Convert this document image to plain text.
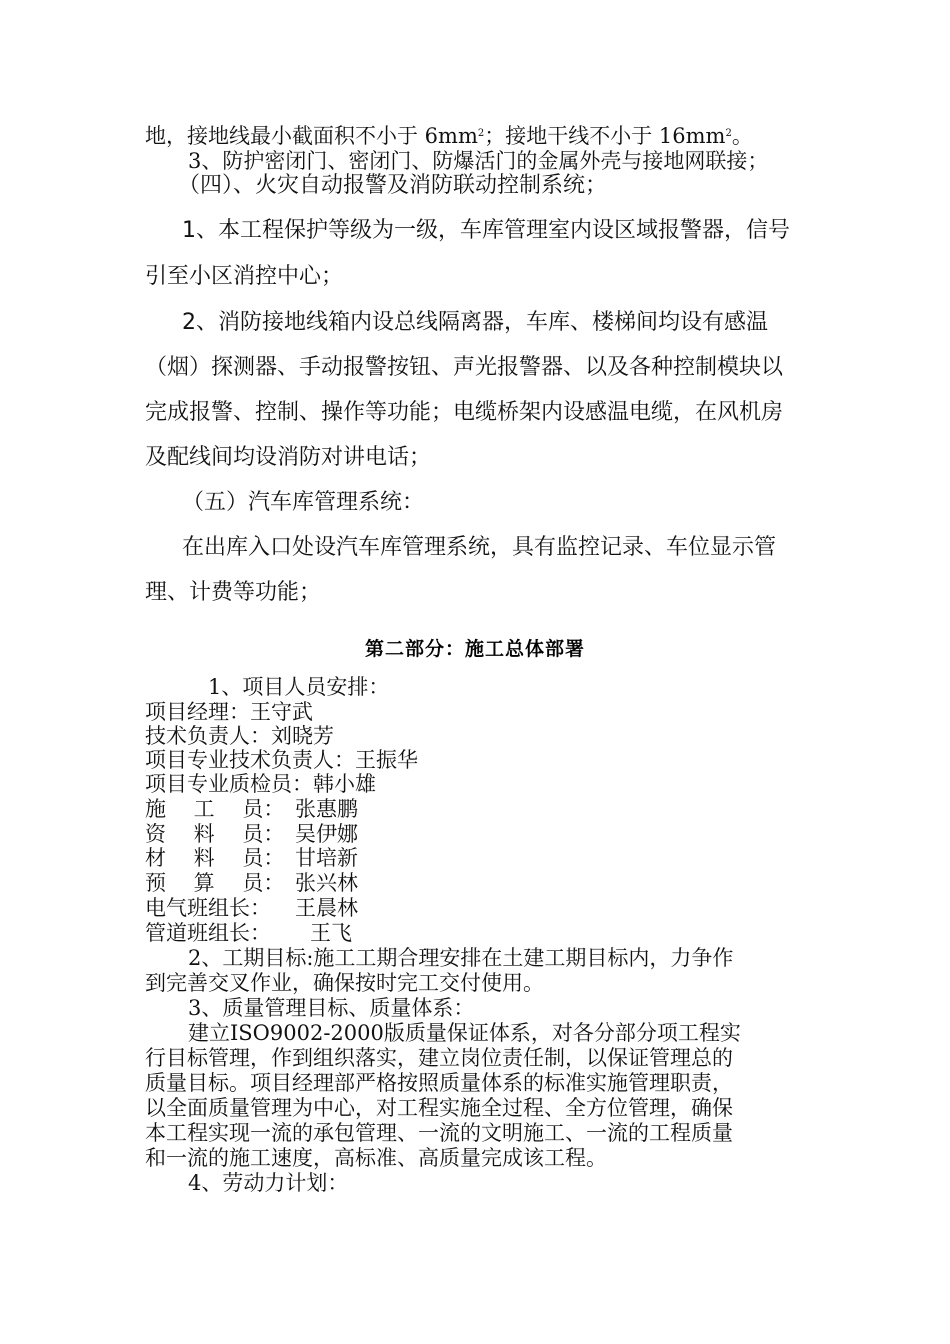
地，接地线最小截面积不小于 $6mm^2$；接地干线不小于 $16mm^2$。
3、防护密闭门、密闭门、防爆活门的金属外壳与接地网联接；
（四）、火灾自动报警及消防联动控制系统；
1、本工程保护等级为一级，车库管理室内设区域报警器，信号
引至小区消控中心；
2、消防接地线箱内设总线隔离器，车库、楼梯间均设有感温
（烟）探测器、手动报警按钮、声光报警器、以及各种控制模块以
完成报警、控制、操作等功能；电缆桥架内设感温电缆，在风机房
及配线间均设消防对讲电话；
（五）汽车库管理系统：
在出库入口处设汽车库管理系统，具有监控记录、车位显示管
理、计费等功能；
第二部分：施工总体部署
1、项目人员安排：
项目经理：王守武
技术负责人：刘晓芳
项目专业技术负责人：王振华
项目专业质检员：韩小雄
施　 工 　员： 张惠鹏
资 　料 　员： 吴伊娜
材 　料 　员： 甘培新
预 　算 　员： 张兴林
电气班组长： 王晨林
管道班组长： 王飞
2、工期目标:施工工期合理安排在土建工期目标内，力争作
到完善交叉作业，确保按时完工交付使用。
3、质量管理目标、质量体系：
建立ISO9002-2000版质量保证体系，对各分部分项工程实
行目标管理，作到组织落实，建立岗位责任制，以保证管理总的
质量目标。项目经理部严格按照质量体系的标准实施管理职责，
以全面质量管理为中心，对工程实施全过程、全方位管理，确保
本工程实现一流的承包管理、一流的文明施工、一流的工程质量
和一流的施工速度，高标准、高质量完成该工程。
4、劳动力计划：
